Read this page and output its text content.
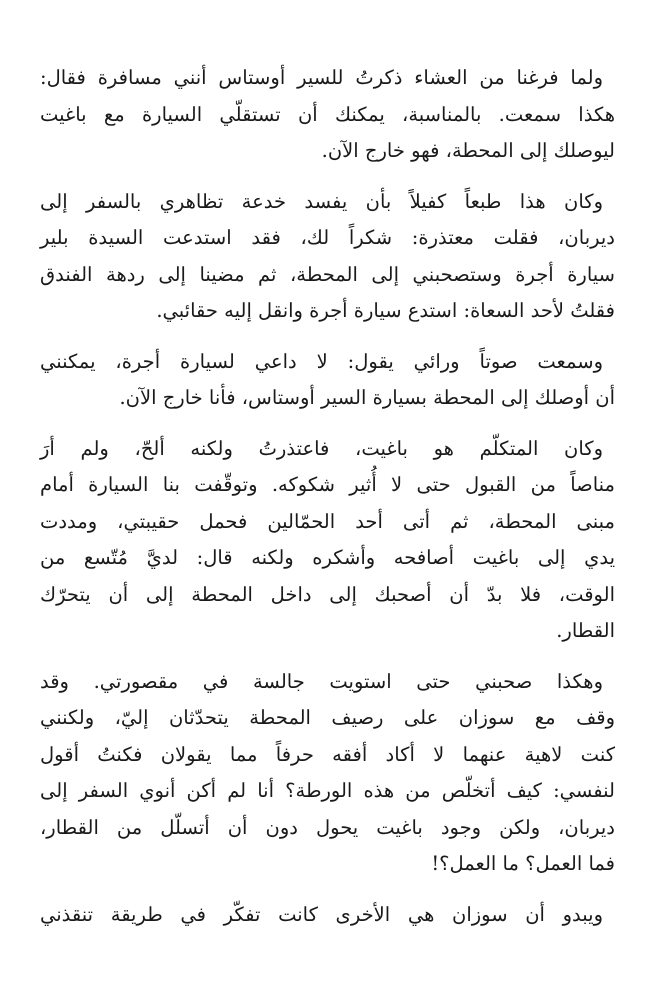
ولما فرغنا من العشاء ذكرتُ للسير أوستاس أنني مسافرة فقال:
هكذا سمعت. بالمناسبة، يمكنك أن تستقلّي السيارة مع باغيت
ليوصلك إلى المحطة، فهو خارج الآن.
وكان هذا طبعاً كفيلاً بأن يفسد خدعة تظاهري بالسفر إلى
ديربان، فقلت معتذرة: شكراً لك، فقد استدعت السيدة بلير
سيارة أجرة وستصحبني إلى المحطة، ثم مضينا إلى ردهة الفندق
فقلتُ لأحد السعاة: استدع سيارة أجرة وانقل إليه حقائبي.
وسمعت صوتاً ورائي يقول: لا داعي لسيارة أجرة، يمكنني
أن أوصلك إلى المحطة بسيارة السير أوستاس، فأنا خارج الآن.
وكان المتكلّم هو باغيت، فاعتذرتُ ولكنه ألحّ، ولم أرَ
مناصاً من القبول حتى لا أُثير شكوكه. وتوقّفت بنا السيارة أمام
مبنى المحطة، ثم أتى أحد الحمّالين فحمل حقيبتي، ومددت
يدي إلى باغيت أصافحه وأشكره ولكنه قال: لديَّ مُتّسع من
الوقت، فلا بدّ أن أصحبك إلى داخل المحطة إلى أن يتحرّك
القطار.
وهكذا صحبني حتى استويت جالسة في مقصورتي. وقد
وقف مع سوزان على رصيف المحطة يتحدّثان إليّ، ولكنني
كنت لاهية عنهما لا أكاد أفقه حرفاً مما يقولان فكنتُ أقول
لنفسي: كيف أتخلّص من هذه الورطة؟ أنا لم أكن أنوي السفر إلى
ديربان، ولكن وجود باغيت يحول دون أن أتسلّل من القطار،
فما العمل؟ ما العمل؟!
ويبدو أن سوزان هي الأخرى كانت تفكّر في طريقة تنقذني
